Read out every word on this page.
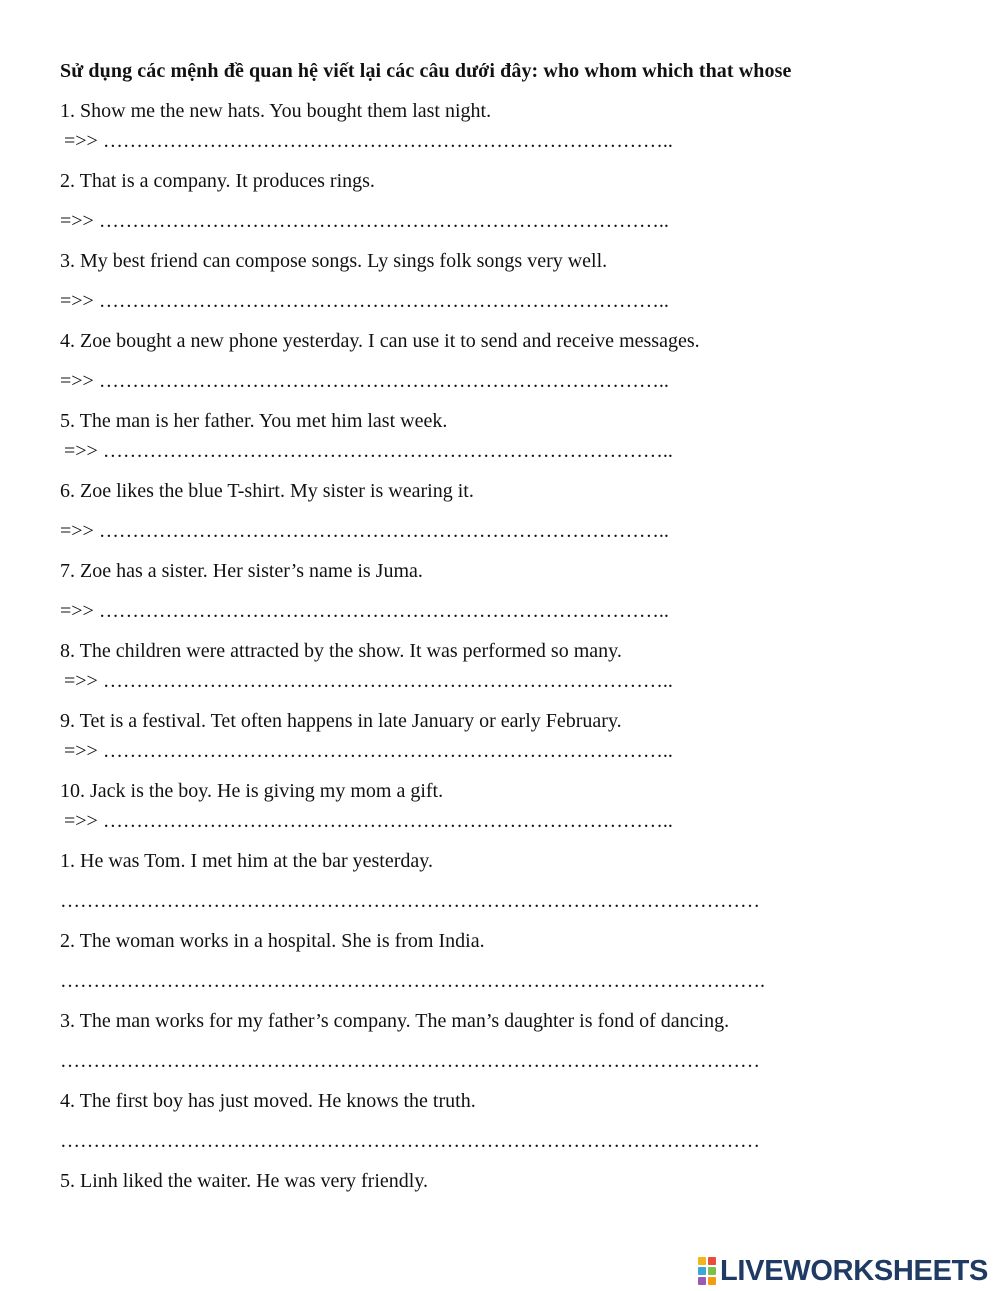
Sử dụng các mệnh đề quan hệ viết lại các câu dưới đây: who whom which that whose
1. Show me the new hats. You bought them last night.
=>> …………………………………………………………………………..
2. That is a company. It produces rings.
=>> …………………………………………………………………………..
3. My best friend can compose songs. Ly sings folk songs very well.
=>> …………………………………………………………………………..
4. Zoe bought a new phone yesterday. I can use it to send and receive messages.
=>> …………………………………………………………………………..
5. The man is her father. You met him last week.
=>> …………………………………………………………………………..
6. Zoe likes the blue T-shirt. My sister is wearing it.
=>> …………………………………………………………………………..
7. Zoe has a sister. Her sister’s name is Juma.
=>> …………………………………………………………………………..
8. The children were attracted by the show. It was performed so many.
=>> …………………………………………………………………………..
9. Tet is a festival. Tet often happens in late January or early February.
=>> …………………………………………………………………………..
10. Jack is the boy. He is giving my mom a gift.
=>> …………………………………………………………………………..
1. He was Tom. I met him at the bar yesterday.
……………………………………………………………………………………………
2. The woman works in a hospital. She is from India.
…………………………………………………………………………………………….
3. The man works for my father’s company. The man’s daughter is fond of dancing.
……………………………………………………………………………………………
4. The first boy has just moved. He knows the truth.
……………………………………………………………………………………………
5. Linh liked the waiter. He was very friendly.
LIVEWORKSHEETS
